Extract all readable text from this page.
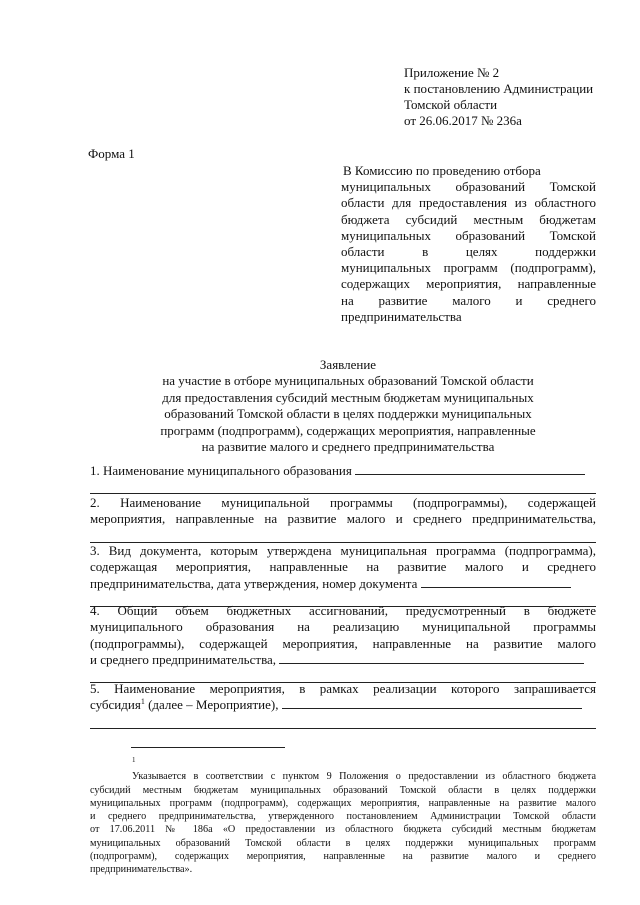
Приложение № 2
к постановлению Администрации
Томской области
от 26.06.2017 № 236а
Форма 1
В Комиссию по проведению отбора
муниципальных образований Томской
области для предоставления из областного
бюджета субсидий местным бюджетам
муниципальных образований Томской
области в целях поддержки
муниципальных программ (подпрограмм),
содержащих мероприятия, направленные
на развитие малого и среднего
предпринимательства
Заявление
на участие в отборе муниципальных образований Томской области
для предоставления субсидий местным бюджетам муниципальных
образований Томской области в целях поддержки муниципальных
программ (подпрограмм), содержащих мероприятия, направленные
на развитие малого и среднего предпринимательства
1. Наименование муниципального образования
2. Наименование муниципальной программы (подпрограммы), содержащей
мероприятия, направленные на развитие малого и среднего предпринимательства,
3. Вид документа, которым утверждена муниципальная программа (подпрограмма),
содержащая мероприятия, направленные на развитие малого и среднего
предпринимательства, дата утверждения, номер документа
4. Общий объем бюджетных ассигнований, предусмотренный в бюджете
муниципального образования на реализацию муниципальной программы
(подпрограммы), содержащей мероприятия, направленные на развитие малого
и среднего предпринимательства,
5. Наименование мероприятия, в рамках реализации которого запрашивается
субсидия$^1$ (далее – Мероприятие),
$^1$
Указывается в соответствии с пунктом 9 Положения о предоставлении из областного бюджета
субсидий местным бюджетам муниципальных образований Томской области в целях поддержки
муниципальных программ (подпрограмм), содержащих мероприятия, направленные на развитие малого
и среднего предпринимательства, утвержденного постановлением Администрации Томской области
от 17.06.2011 № 186а «О предоставлении из областного бюджета субсидий местным бюджетам
муниципальных образований Томской области в целях поддержки муниципальных программ
(подпрограмм), содержащих мероприятия, направленные на развитие малого и среднего
предпринимательства».
